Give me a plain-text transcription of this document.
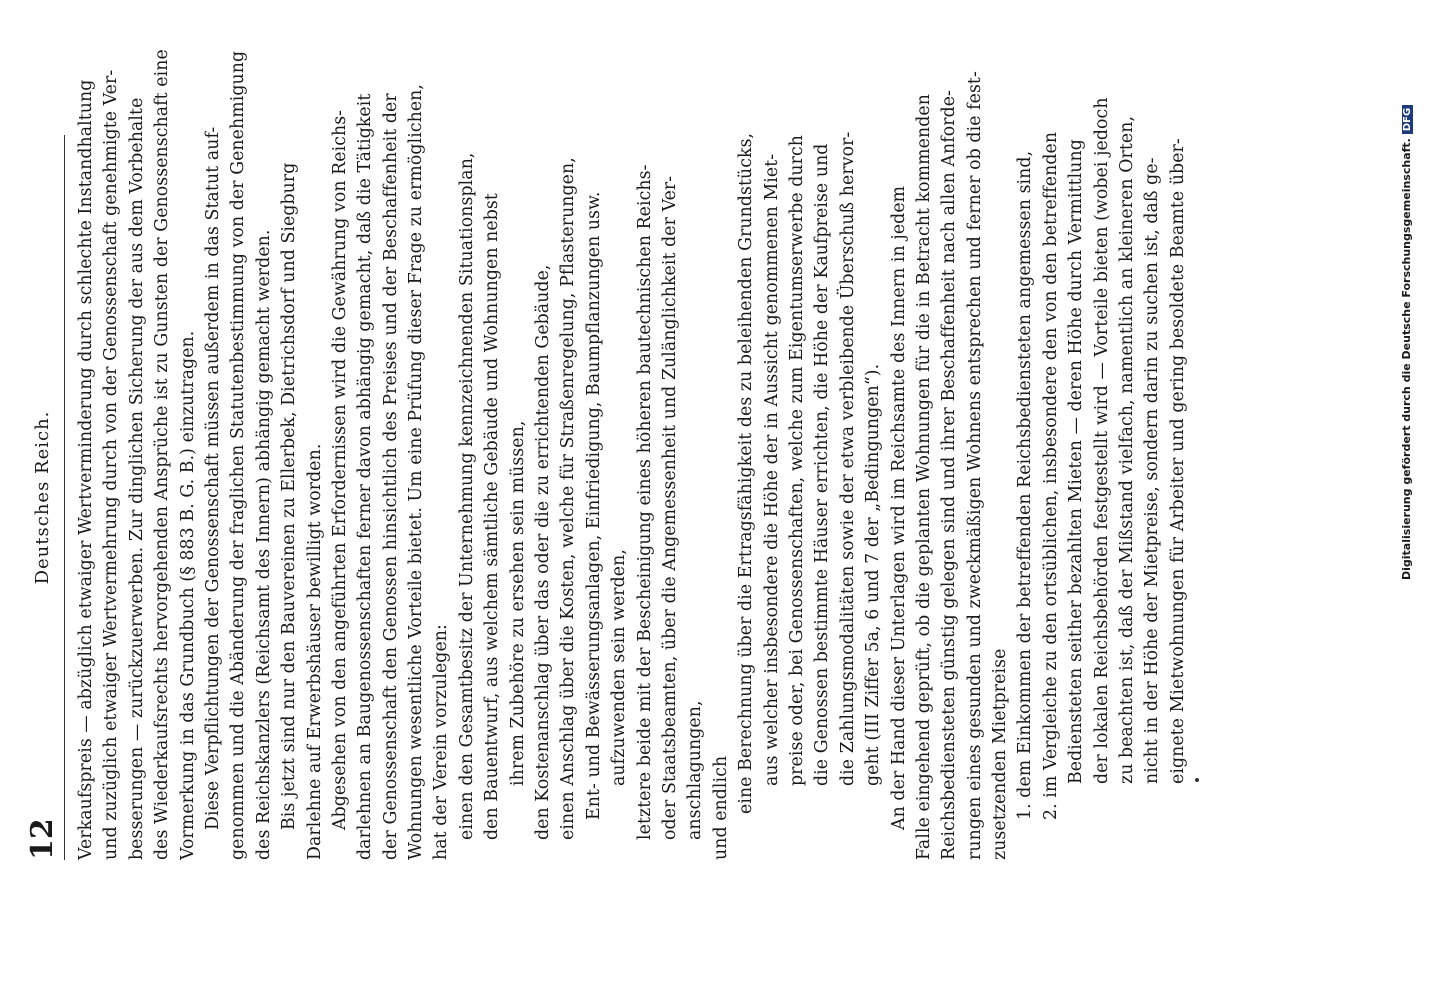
12
Deutsches Reich. Verkaufspreis — abzüglich etwaiger Wertverminderung durch schlechte Instandhaltung und zuzüglich etwaiger Wertvermehrung durch von der Genossenschaft genehmigte Ver- besserungen — zurückzuerwerben. Zur dinglichen Sicherung der aus dem Vorbehalte des Wiederkaufsrechts hervorgehenden Ansprüche ist zu Gunsten der Genossenschaft eine Vormerkung in das Grundbuch (§ 883 B. G. B.) einzutragen. Diese Verpflichtungen der Genossenschaft müssen außerdem in das Statut auf- genommen und die Abänderung der fraglichen Statutenbestimmung von der Genehmigung des Reichskanzlers (Reichsamt des Innern) abhängig gemacht werden. Bis jetzt sind nur den Bauvereinen zu Ellerbek, Dietrichsdorf und Siegburg Darlehne auf Erwerbshäuser bewilligt worden. Abgesehen von den angeführten Erfordernissen wird die Gewährung von Reichs- darlehnen an Baugenossenschaften ferner davon abhängig gemacht, daß die Tätigkeit der Genossenschaft den Genossen hinsichtlich des Preises und der Beschaffenheit der Wohnungen wesentliche Vorteile bietet. Um eine Prüfung dieser Frage zu ermöglichen, hat der Verein vorzulegen: einen den Gesamtbesitz der Unternehmung kennzeichnenden Situationsplan, den Bauentwurf, aus welchem sämtliche Gebäude und Wohnungen nebst ihrem Zubehöre zu ersehen sein müssen, den Kostenanschlag über das oder die zu errichtenden Gebäude, einen Anschlag über die Kosten, welche für Straßenregelung, Pflasterungen, Ent- und Bewässerungsanlagen, Einfriedigung, Baumpflanzungen usw. aufzuwenden sein werden, letztere beide mit der Bescheinigung eines höheren bautechnischen Reichs- oder Staatsbeamten, über die Angemessenheit und Zulänglichkeit der Ver- anschlagungen, und endlich eine Berechnung über die Ertragsfähigkeit des zu beleihenden Grundstücks, aus welcher insbesondere die Höhe der in Aussicht genommenen Miet- preise oder, bei Genossenschaften, welche zum Eigentumserwerbe durch die Genossen bestimmte Häuser errichten, die Höhe der Kaufpreise und die Zahlungsmodalitäten sowie der etwa verbleibende Überschuß hervor- geht (III Ziffer 5a, 6 und 7 der „Bedingungen“). An der Hand dieser Unterlagen wird im Reichsamte des Innern in jedem Falle eingehend geprüft, ob die geplanten Wohnungen für die in Betracht kommenden Reichsbediensteten günstig gelegen sind und ihrer Beschaffenheit nach allen Anforde- rungen eines gesunden und zweckmäßigen Wohnens entsprechen und ferner ob die fest- zusetzenden Mietpreise 1. dem Einkommen der betreffenden Reichsbediensteten angemessen sind, 2. im Vergleiche zu den ortsüblichen, insbesondere den von den betreffenden Bediensteten seither bezahlten Mieten — deren Höhe durch Vermittlung der lokalen Reichsbehörden festgestellt wird — Vorteile bieten (wobei jedoch zu beachten ist, daß der Mißstand vielfach, namentlich an kleineren Orten, nicht in der Höhe der Mietpreise, sondern darin zu suchen ist, daß ge- eignete Mietwohnungen für Arbeiter und gering besoldete Beamte über-	Digitalisierung gefördert durch die Deutsche Forschungsgemeinschaft.DFG
